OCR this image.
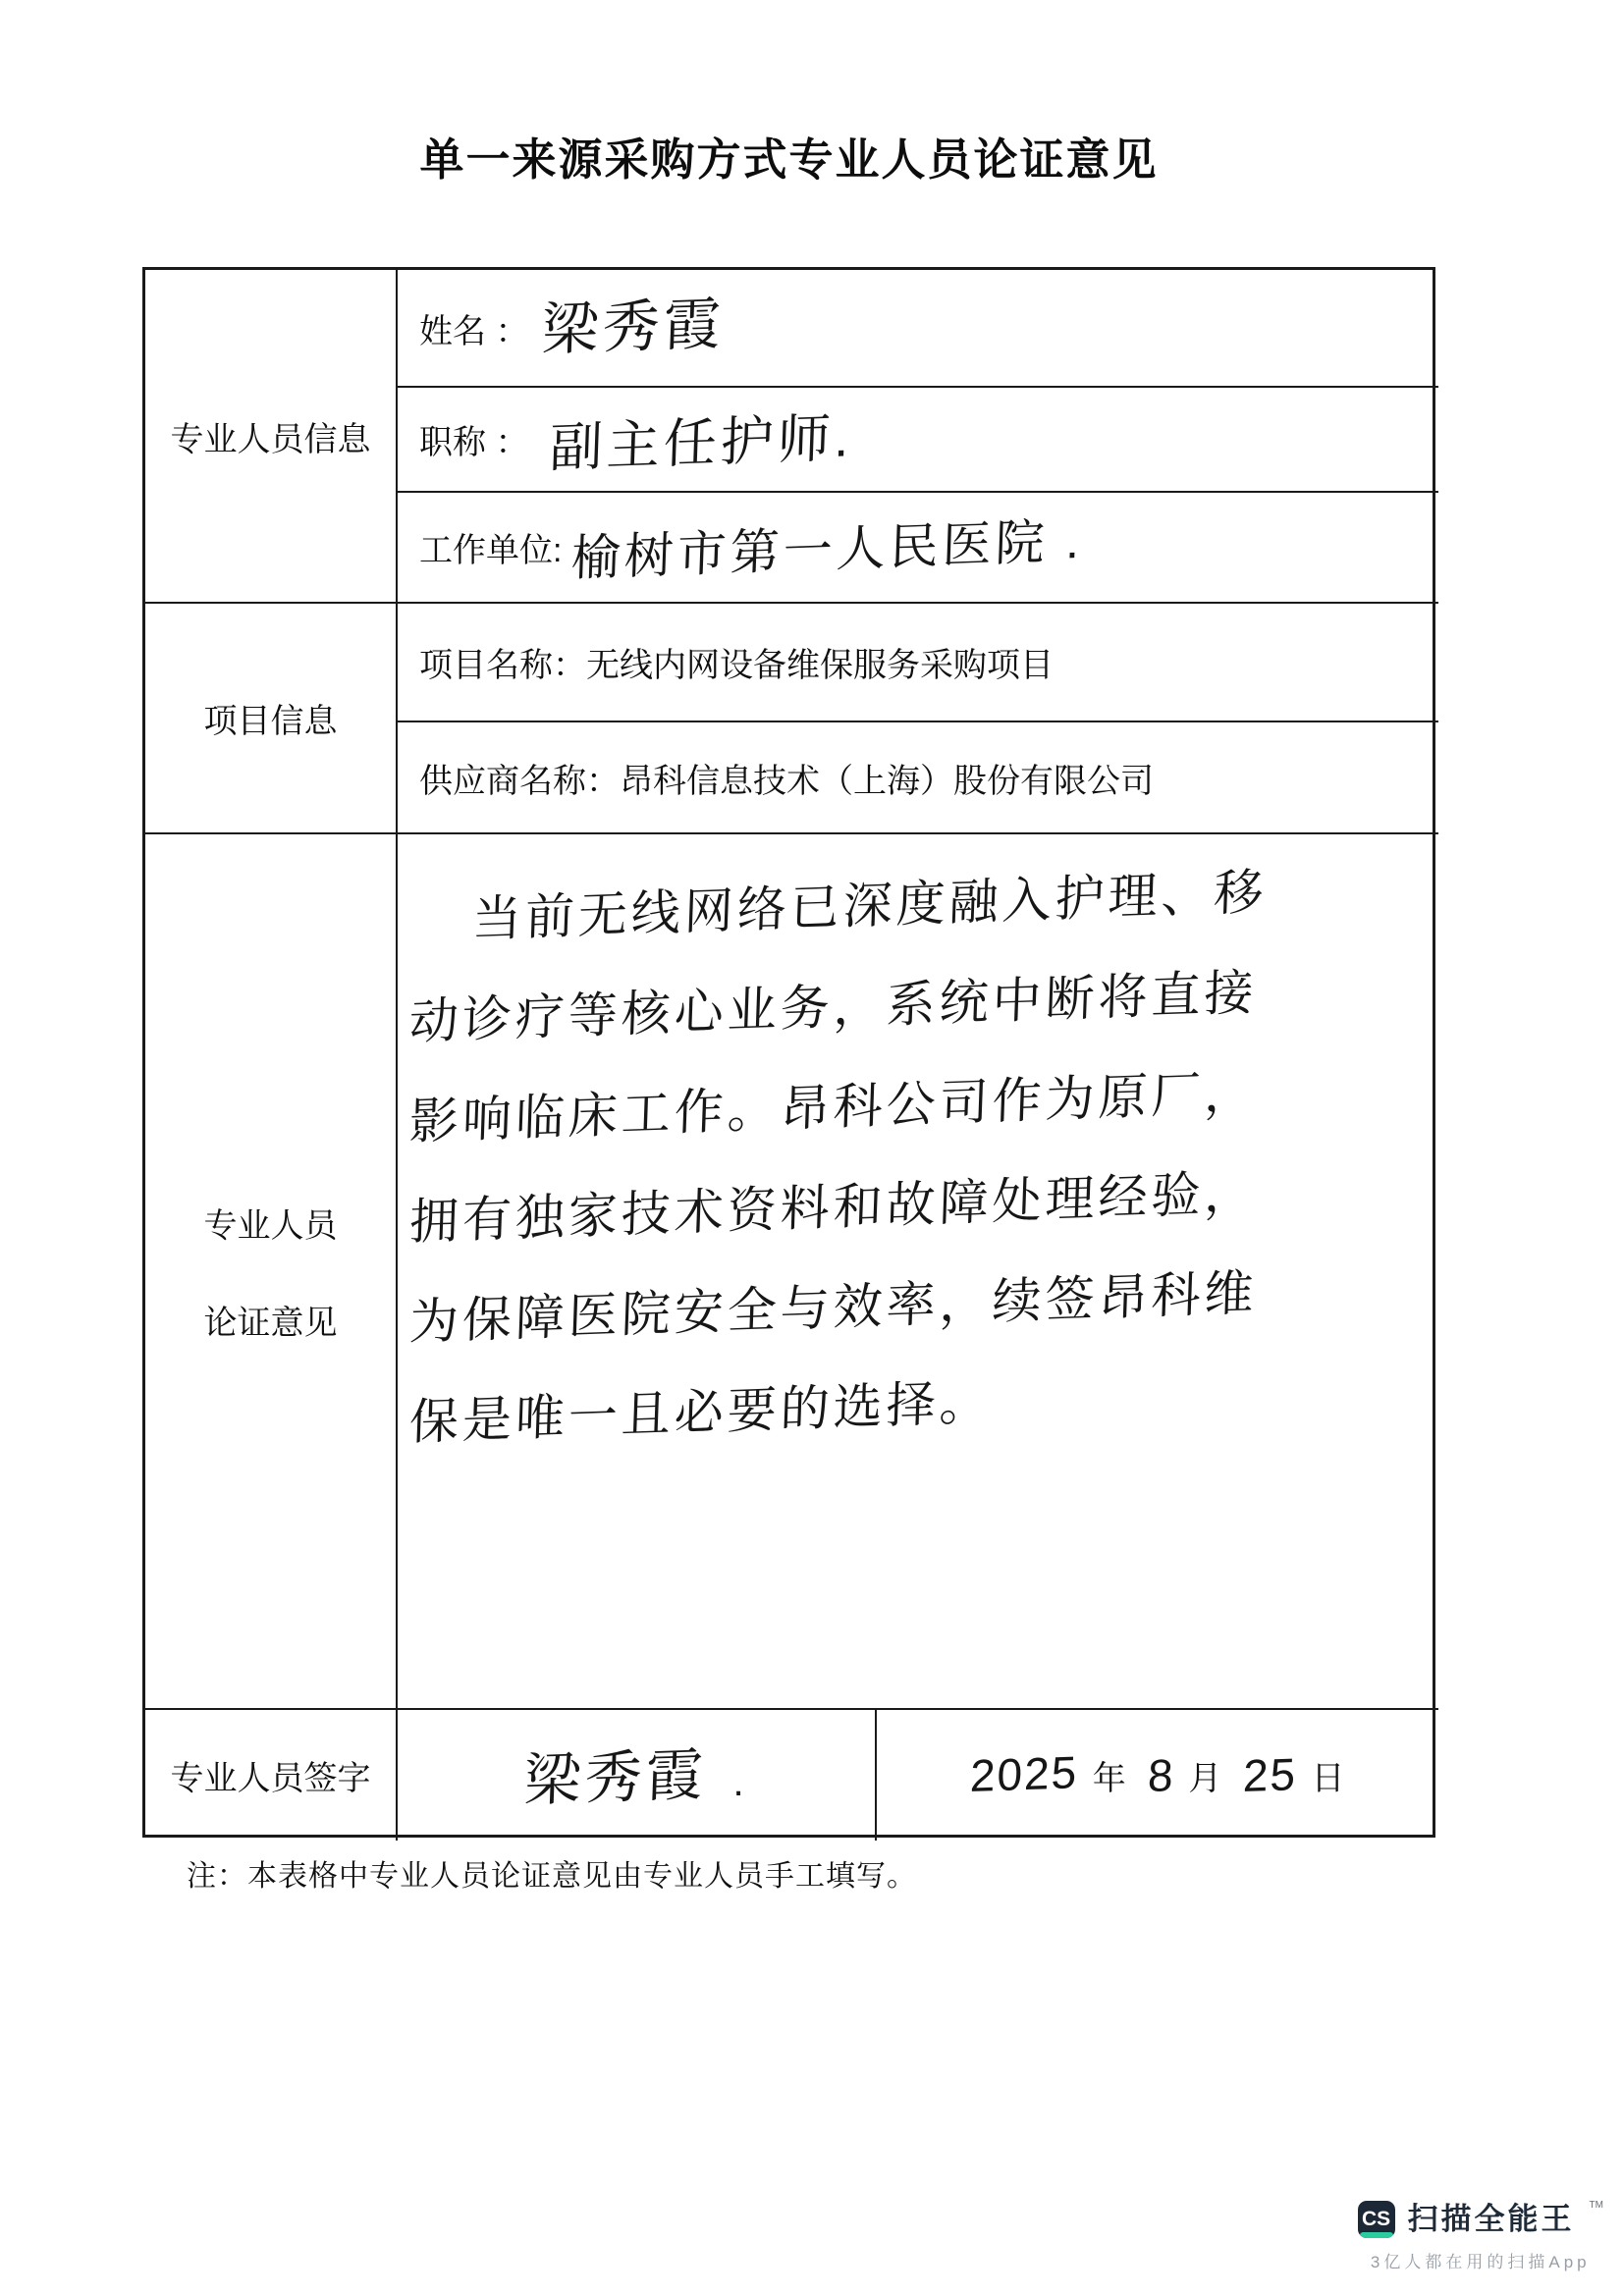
单一来源采购方式专业人员论证意见
专业人员信息
姓名 ： 梁秀霞
职称 ： 副主任护师.
工作单位: 榆树市第一人民医院 .
项目信息
项目名称：无线内网设备维保服务采购项目
供应商名称：昂科信息技术（上海）股份有限公司
专业人员
论证意见
当前无线网络已深度融入护理、移 动诊疗等核心业务，系统中断将直接 影响临床工作。昂科公司作为原厂， 拥有独家技术资料和故障处理经验， 为保障医院安全与效率，续签昂科维 保是唯一且必要的选择。
专业人员签字	梁秀霞 .	2025 年 8 月 25 日
注：本表格中专业人员论证意见由专业人员手工填写。
CS 扫描全能王 TM
3亿人都在用的扫描App
